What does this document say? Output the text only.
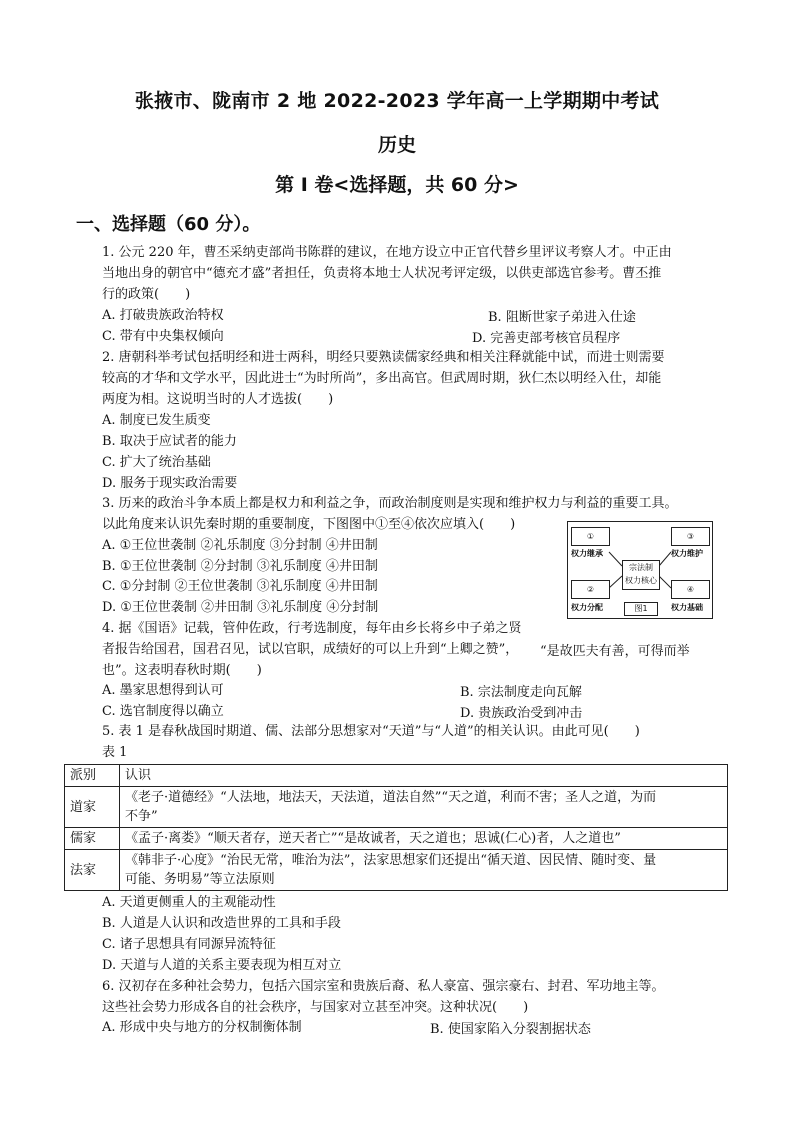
张掖市、陇南市 2 地 2022-2023 学年高一上学期期中考试
历史
第 I 卷<选择题，共 60 分>
一、选择题（60 分）。
1. 公元 220 年，曹丕采纳吏部尚书陈群的建议，在地方设立中正官代替乡里评议考察人才。中正由
当地出身的朝官中“德充才盛”者担任，负责将本地士人状况考评定级，以供吏部选官参考。曹丕推
行的政策(　　)
A. 打破贵族政治特权	B. 阻断世家子弟进入仕途
C. 带有中央集权倾向	D. 完善吏部考核官员程序
2. 唐朝科举考试包括明经和进士两科，明经只要熟读儒家经典和相关注释就能中试，而进士则需要
较高的才华和文学水平，因此进士“为时所尚”，多出高官。但武周时期，狄仁杰以明经入仕，却能
两度为相。这说明当时的人才选拔(　　)
A. 制度已发生质变
B. 取决于应试者的能力
C. 扩大了统治基础
D. 服务于现实政治需要
3. 历来的政治斗争本质上都是权力和利益之争，而政治制度则是实现和维护权力与利益的重要工具。
以此角度来认识先秦时期的重要制度，下图图中①至④依次应填入(　　)
A. ①王位世袭制 ②礼乐制度 ③分封制 ④井田制
B. ①王位世袭制 ②分封制 ③礼乐制度 ④井田制
C. ①分封制 ②王位世袭制 ③礼乐制度 ④井田制
D. ①王位世袭制 ②井田制 ③礼乐制度 ④分封制
①
权力继承
②
权力分配
宗法制
权力核心
图1
③
权力维护
④
权力基础
4. 据《国语》记载，管仲佐政，行考选制度，每年由乡长将乡中子弟之贤
者报告给国君，国君召见，试以官职，成绩好的可以上升到“上卿之赞”， “是故匹夫有善，可得而举
也”。这表明春秋时期(　　)
A. 墨家思想得到认可	B. 宗法制度走向瓦解
C. 选官制度得以确立	D. 贵族政治受到冲击
5. 表 1 是春秋战国时期道、儒、法部分思想家对“天道”与“人道”的相关认识。由此可见(　　)
表 1
派别	认识
道家	《老子·道德经》“人法地，地法天，天法道，道法自然”“天之道，利而不害；圣人之道，为而
不争”

儒家	《孟子·离娄》“顺天者存，逆天者亡”“是故诚者，天之道也；思诚(仁心)者，人之道也”
法家	《韩非子·心度》“治民无常，唯治为法”，法家思想家们还提出“循天道、因民情、随时变、量
可能、务明易”等立法原则
A. 天道更侧重人的主观能动性
B. 人道是人认识和改造世界的工具和手段
C. 诸子思想具有同源异流特征
D. 天道与人道的关系主要表现为相互对立
6. 汉初存在多种社会势力，包括六国宗室和贵族后裔、私人豪富、强宗豪右、封君、军功地主等。
这些社会势力形成各自的社会秩序，与国家对立甚至冲突。这种状况(　　)
A. 形成中央与地方的分权制衡体制	B. 使国家陷入分裂割据状态
